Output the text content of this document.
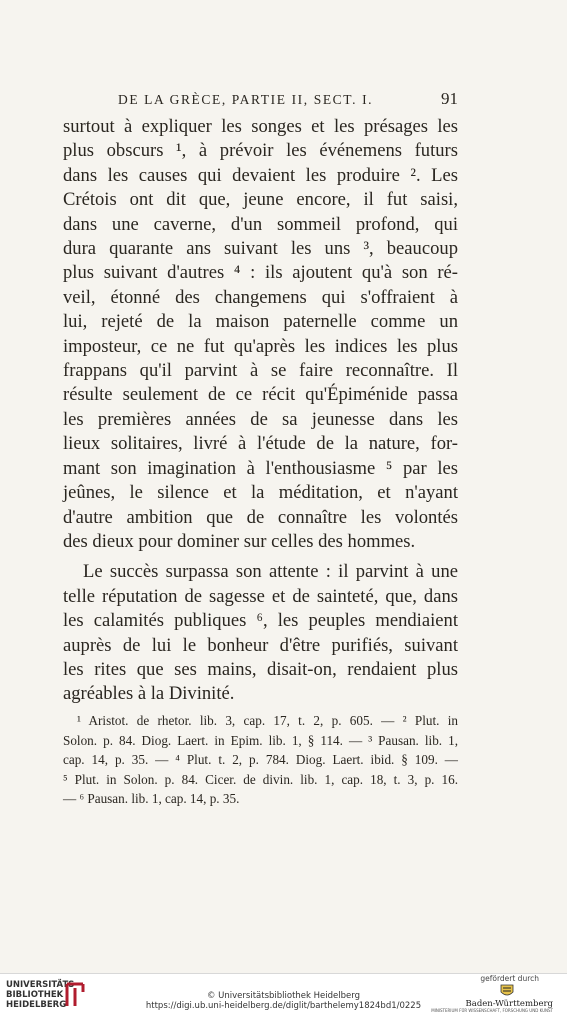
DE LA GRÈCE, PARTIE II, SECT. I.	91

surtout à expliquer les songes et les présages les
plus obscurs ¹, à prévoir les événemens futurs
dans les causes qui devaient les produire ². Les
Crétois ont dit que, jeune encore, il fut saisi,
dans une caverne, d'un sommeil profond, qui
dura quarante ans suivant les uns ³, beaucoup
plus suivant d'autres ⁴ : ils ajoutent qu'à son ré-
veil, étonné des changemens qui s'offraient à
lui, rejeté de la maison paternelle comme un
imposteur, ce ne fut qu'après les indices les plus
frappans qu'il parvint à se faire reconnaître. Il
résulte seulement de ce récit qu'Épiménide passa
les premières années de sa jeunesse dans les
lieux solitaires, livré à l'étude de la nature, for-
mant son imagination à l'enthousiasme ⁵ par les
jeûnes, le silence et la méditation, et n'ayant
d'autre ambition que de connaître les volontés
des dieux pour dominer sur celles des hommes.

Le succès surpassa son attente : il parvint à une
telle réputation de sagesse et de sainteté, que, dans
les calamités publiques ⁶, les peuples mendiaient
auprès de lui le bonheur d'être purifiés, suivant
les rites que ses mains, disait-on, rendaient plus
agréables à la Divinité.

¹ Aristot. de rhetor. lib. 3, cap. 17, t. 2, p. 605. — ² Plut. in
Solon. p. 84. Diog. Laert. in Epim. lib. 1, § 114. — ³ Pausan. lib. 1,
cap. 14, p. 35. — ⁴ Plut. t. 2, p. 784. Diog. Laert. ibid. § 109. —
⁵ Plut. in Solon. p. 84. Cicer. de divin. lib. 1, cap. 18, t. 3, p. 16.
— ⁶ Pausan. lib. 1, cap. 14, p. 35.
UNIVERSITÄTS-
BIBLIOTHEK
HEIDELBERG
© Universitätsbibliothek Heidelberg
https://digi.ub.uni-heidelberg.de/diglit/barthelemy1824bd1/0225
gefördert durch
Baden-Württemberg
MINISTERIUM FÜR WISSENSCHAFT, FORSCHUNG UND KUNST
